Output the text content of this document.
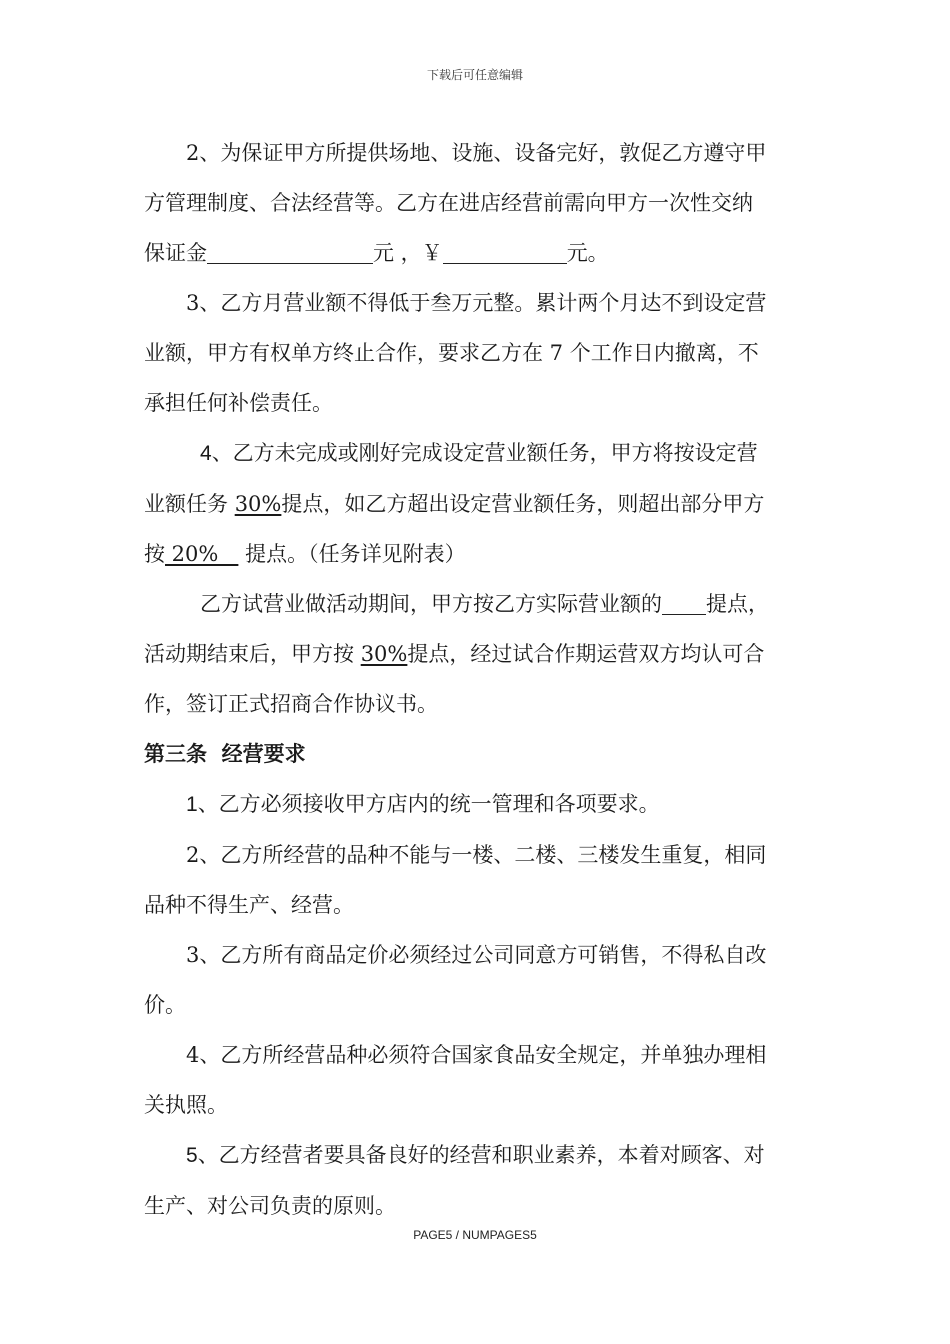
下载后可任意编辑

2、为保证甲方所提供场地、设施、设备完好，敦促乙方遵守甲

方管理制度、合法经营等。乙方在进店经营前需向甲方一次性交纳

保证金	元 ，￥	元。

3、乙方月营业额不得低于叁万元整。累计两个月达不到设定营

业额，甲方有权单方终止合作，要求乙方在 7 个工作日内撤离，不

承担任何补偿责任。

4、乙方未完成或刚好完成设定营业额任务，甲方将按设定营

业额任务 30%提点，如乙方超出设定营业额任务，则超出部分甲方

按 20%    提点。（任务详见附表）

乙方试营业做活动期间，甲方按乙方实际营业额的 提点，

活动期结束后，甲方按 30%提点，经过试合作期运营双方均认可合

作，签订正式招商合作协议书。

第三条  经营要求

1、乙方必须接收甲方店内的统一管理和各项要求。

2、乙方所经营的品种不能与一楼、二楼、三楼发生重复，相同

品种不得生产、经营。

3、乙方所有商品定价必须经过公司同意方可销售，不得私自改

价。

4、乙方所经营品种必须符合国家食品安全规定，并单独办理相

关执照。

5、乙方经营者要具备良好的经营和职业素养，本着对顾客、对

生产、对公司负责的原则。

PAGE5 / NUMPAGES5
